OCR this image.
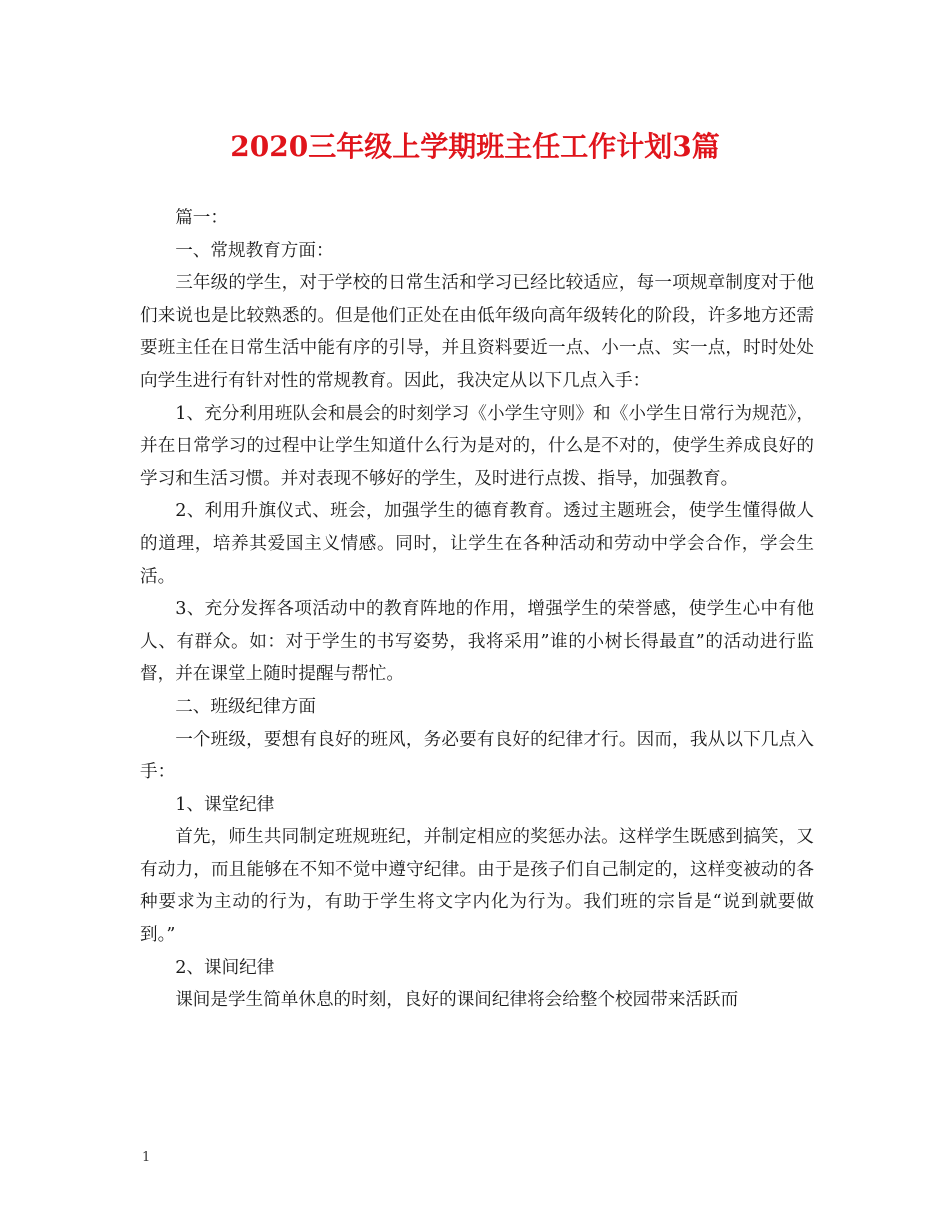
2020三年级上学期班主任工作计划3篇

篇一：

一、常规教育方面：

三年级的学生，对于学校的日常生活和学习已经比较适应，每一项规章制度对于他们来说也是比较熟悉的。但是他们正处在由低年级向高年级转化的阶段，许多地方还需要班主任在日常生活中能有序的引导，并且资料要近一点、小一点、实一点，时时处处向学生进行有针对性的常规教育。因此，我决定从以下几点入手：

1、充分利用班队会和晨会的时刻学习《小学生守则》和《小学生日常行为规范》，并在日常学习的过程中让学生知道什么行为是对的，什么是不对的，使学生养成良好的学习和生活习惯。并对表现不够好的学生，及时进行点拨、指导，加强教育。

2、利用升旗仪式、班会，加强学生的德育教育。透过主题班会，使学生懂得做人的道理，培养其爱国主义情感。同时，让学生在各种活动和劳动中学会合作，学会生活。

3、充分发挥各项活动中的教育阵地的作用，增强学生的荣誉感，使学生心中有他人、有群众。如：对于学生的书写姿势，我将采用”谁的小树长得最直”的活动进行监督，并在课堂上随时提醒与帮忙。

二、班级纪律方面

一个班级，要想有良好的班风，务必要有良好的纪律才行。因而，我从以下几点入手：

1、课堂纪律

首先，师生共同制定班规班纪，并制定相应的奖惩办法。这样学生既感到搞笑，又有动力，而且能够在不知不觉中遵守纪律。由于是孩子们自己制定的，这样变被动的各种要求为主动的行为，有助于学生将文字内化为行为。我们班的宗旨是“说到就要做到。”

2、课间纪律

课间是学生简单休息的时刻，良好的课间纪律将会给整个校园带来活跃而

1
